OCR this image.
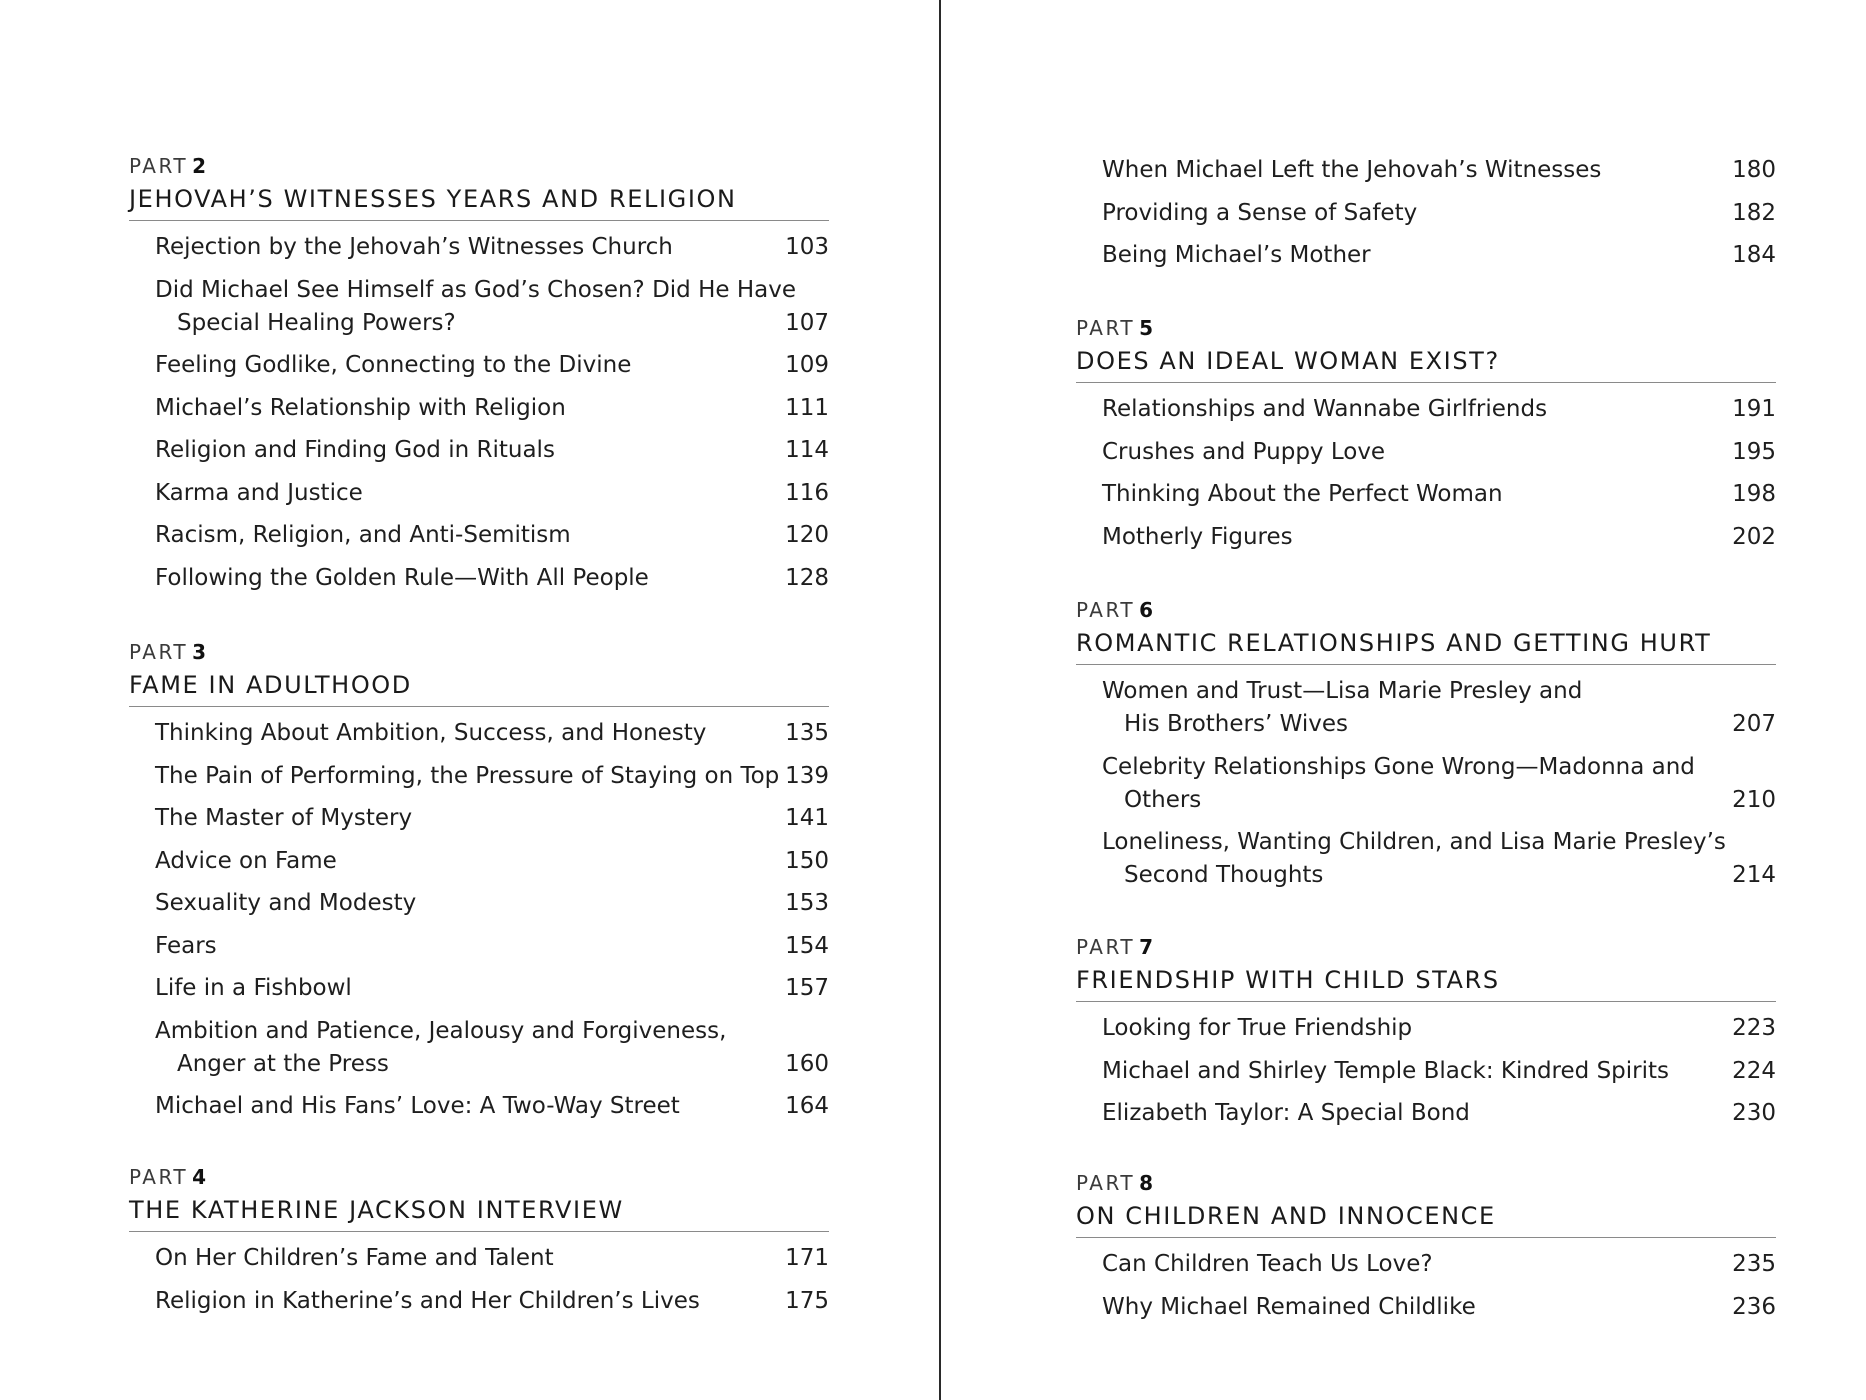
PART 2
JEHOVAH’S WITNESSES YEARS AND RELIGION
Rejection by the Jehovah’s Witnesses Church	103
Did Michael See Himself as God’s Chosen? Did He Have
Special Healing Powers?	107
Feeling Godlike, Connecting to the Divine	109
Michael’s Relationship with Religion	111
Religion and Finding God in Rituals	114
Karma and Justice	116
Racism, Religion, and Anti-Semitism	120
Following the Golden Rule—With All People	128
PART 3
FAME IN ADULTHOOD
Thinking About Ambition, Success, and Honesty	135
The Pain of Performing, the Pressure of Staying on Top 139
The Master of Mystery	141
Advice on Fame	150
Sexuality and Modesty	153
Fears	154
Life in a Fishbowl	157
Ambition and Patience, Jealousy and Forgiveness,
Anger at the Press	160
Michael and His Fans’ Love: A Two-Way Street	164
PART 4
THE KATHERINE JACKSON INTERVIEW
On Her Children’s Fame and Talent	171
Religion in Katherine’s and Her Children’s Lives	175
When Michael Left the Jehovah’s Witnesses	180
Providing a Sense of Safety	182
Being Michael’s Mother	184
PART 5
DOES AN IDEAL WOMAN EXIST?
Relationships and Wannabe Girlfriends	191
Crushes and Puppy Love	195
Thinking About the Perfect Woman	198
Motherly Figures	202
PART 6
ROMANTIC RELATIONSHIPS AND GETTING HURT
Women and Trust—Lisa Marie Presley and
His Brothers’ Wives	207
Celebrity Relationships Gone Wrong—Madonna and
Others	210
Loneliness, Wanting Children, and Lisa Marie Presley’s
Second Thoughts	214
PART 7
FRIENDSHIP WITH CHILD STARS
Looking for True Friendship	223
Michael and Shirley Temple Black: Kindred Spirits	224
Elizabeth Taylor: A Special Bond	230
PART 8
ON CHILDREN AND INNOCENCE
Can Children Teach Us Love?	235
Why Michael Remained Childlike	236
